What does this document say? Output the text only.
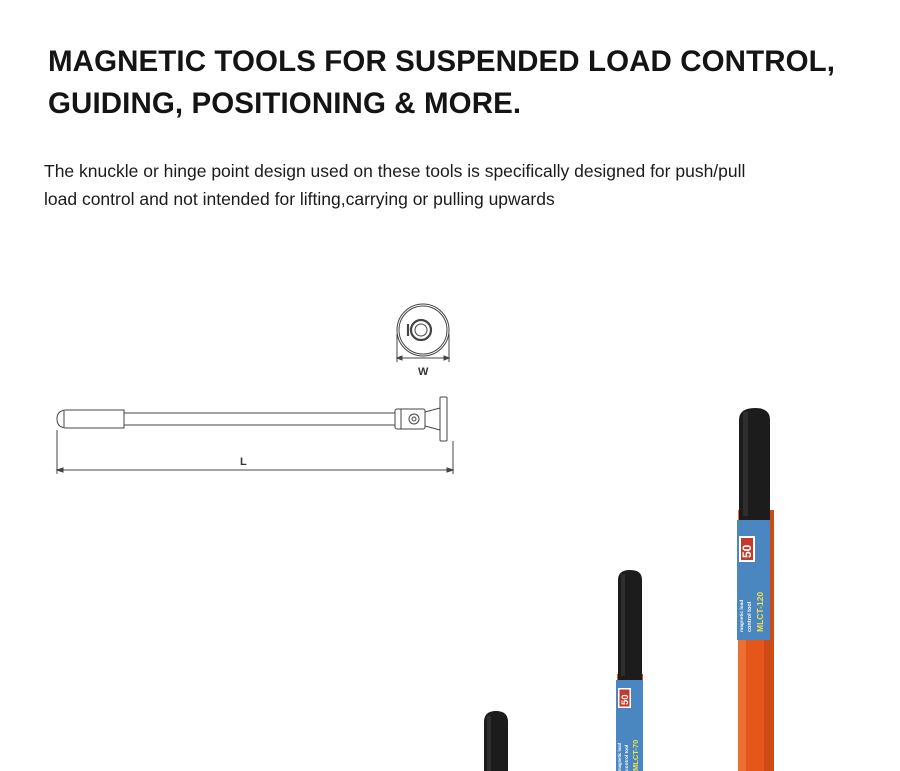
MAGNETIC TOOLS FOR SUSPENDED LOAD CONTROL,
GUIDING, POSITIONING & MORE.

The knuckle or hinge point design used on these tools is specifically designed for push/pull
load control and not intended for lifting,carrying or pulling upwards

W
L
50
magnetic load control tool MLCT-120
50
magnetic load control tool MLCT-70
